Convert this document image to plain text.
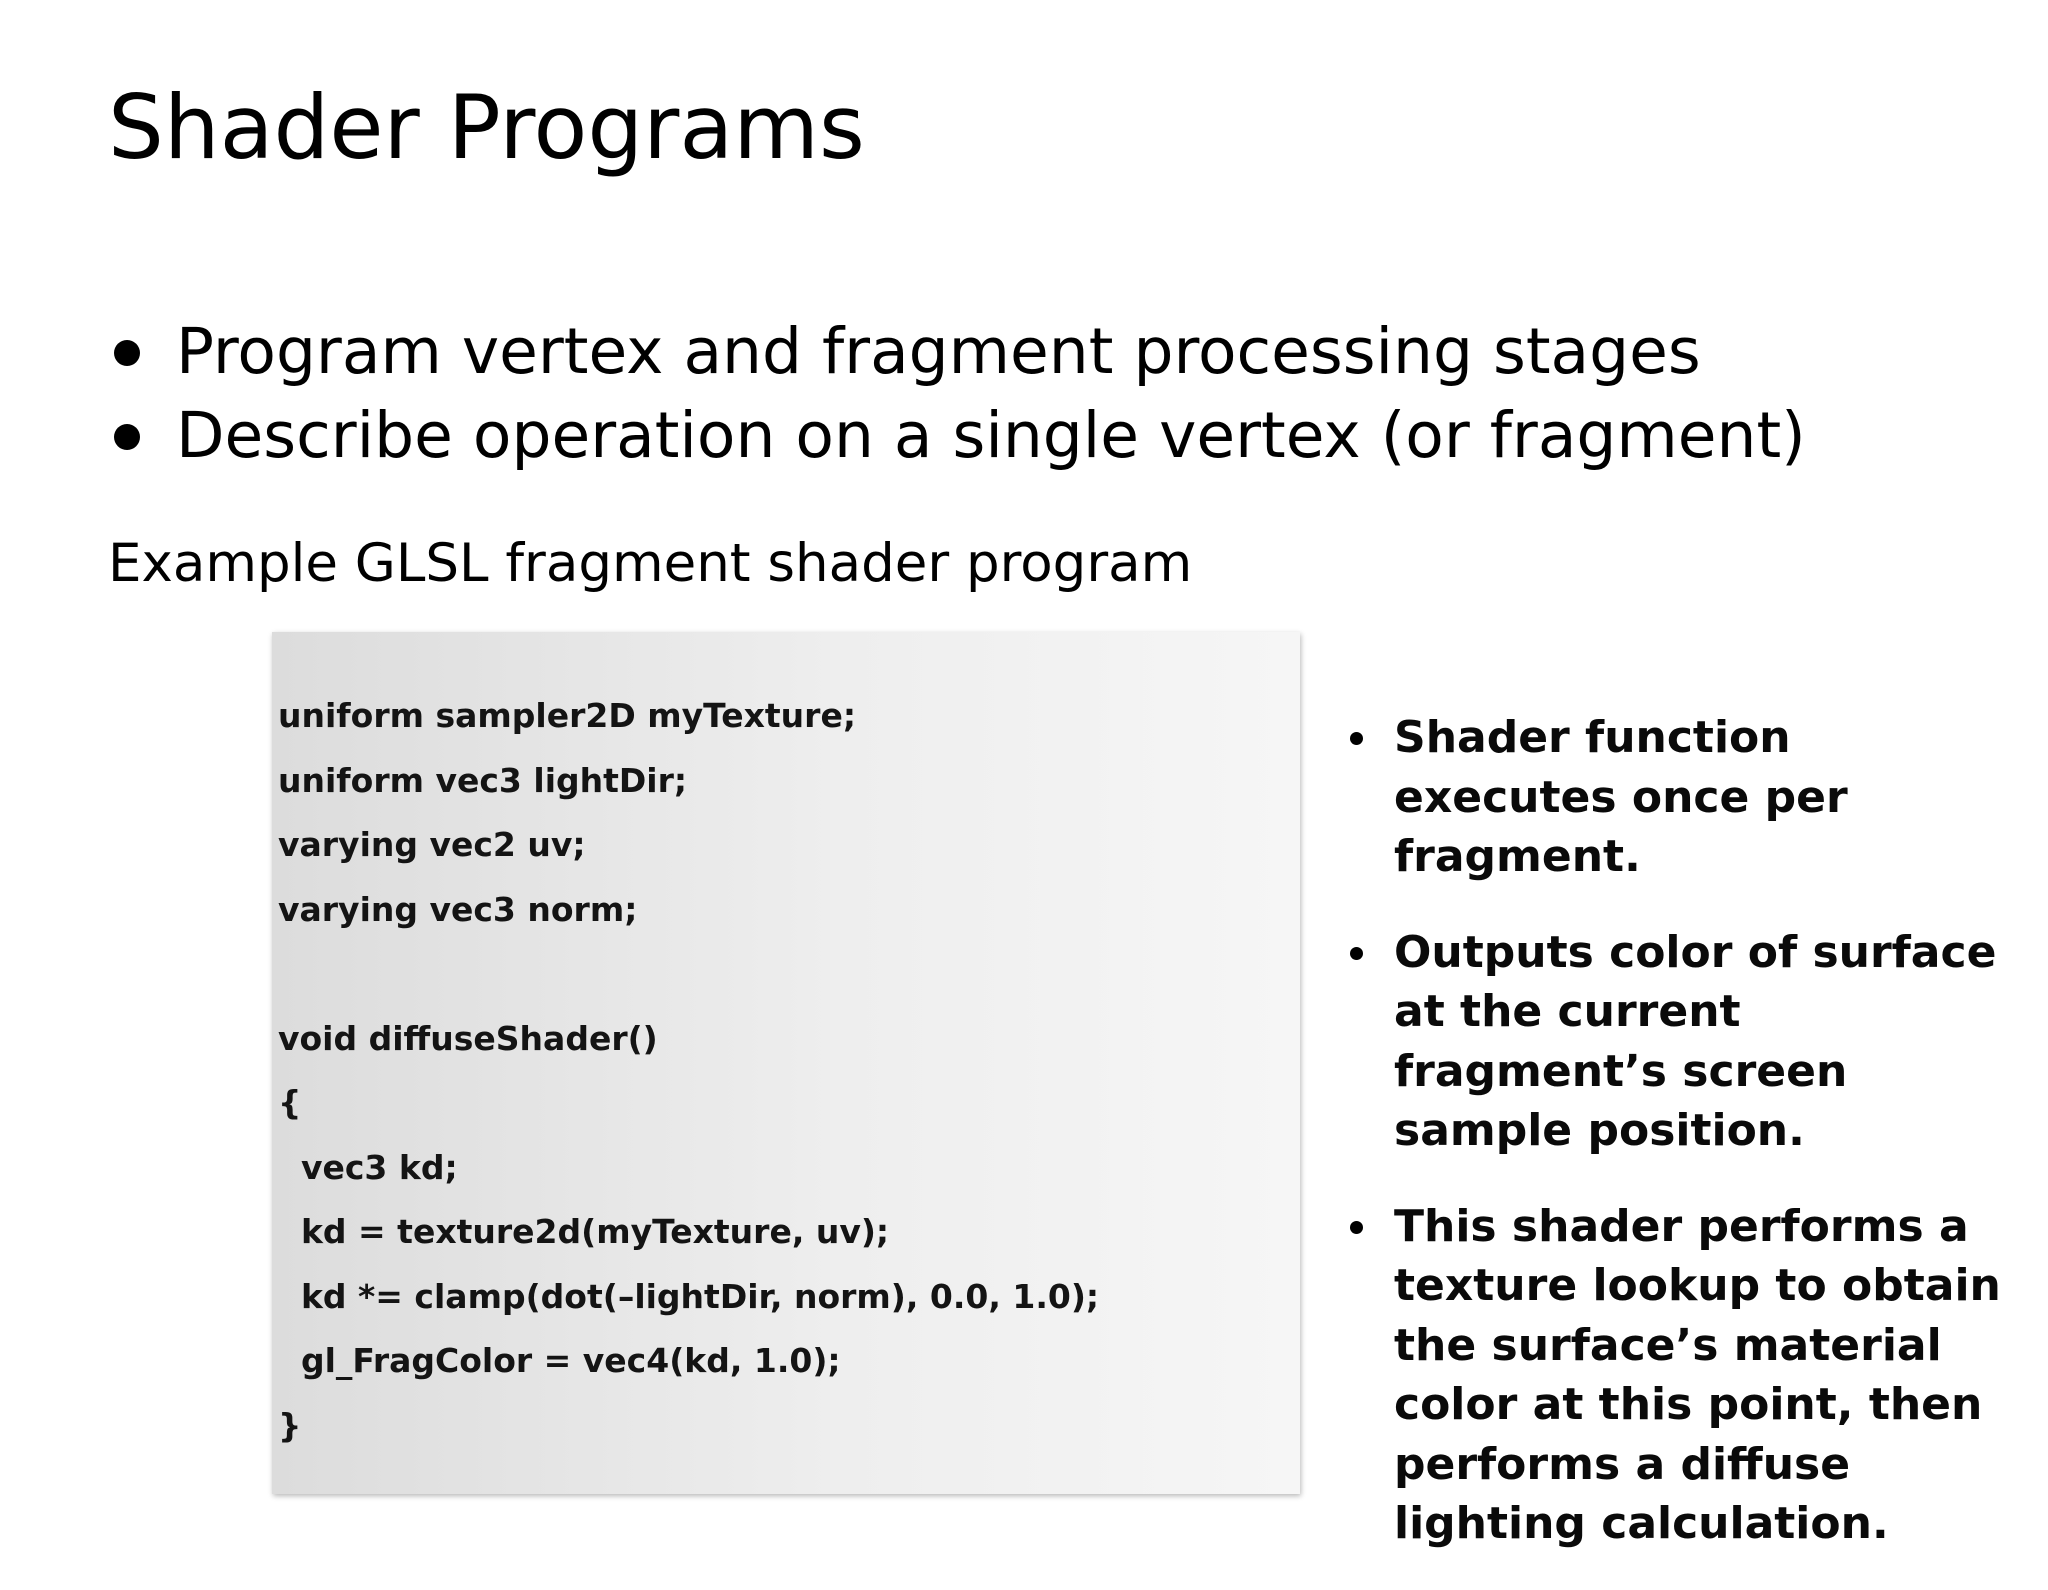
Shader Programs
Program vertex and fragment processing stages
Describe operation on a single vertex (or fragment)
Example GLSL fragment shader program
uniform sampler2D myTexture;
uniform vec3 lightDir;
varying vec2 uv;
varying vec3 norm;
void diffuseShader()
{
vec3 kd;
kd = texture2d(myTexture, uv);
kd *= clamp(dot(–lightDir, norm), 0.0, 1.0);
gl_FragColor = vec4(kd, 1.0);
}
Shader function executes once per fragment.
Outputs color of surface at the current fragment’s screen sample position.
This shader performs a texture lookup to obtain the surface’s material color at this point, then performs a diffuse lighting calculation.
